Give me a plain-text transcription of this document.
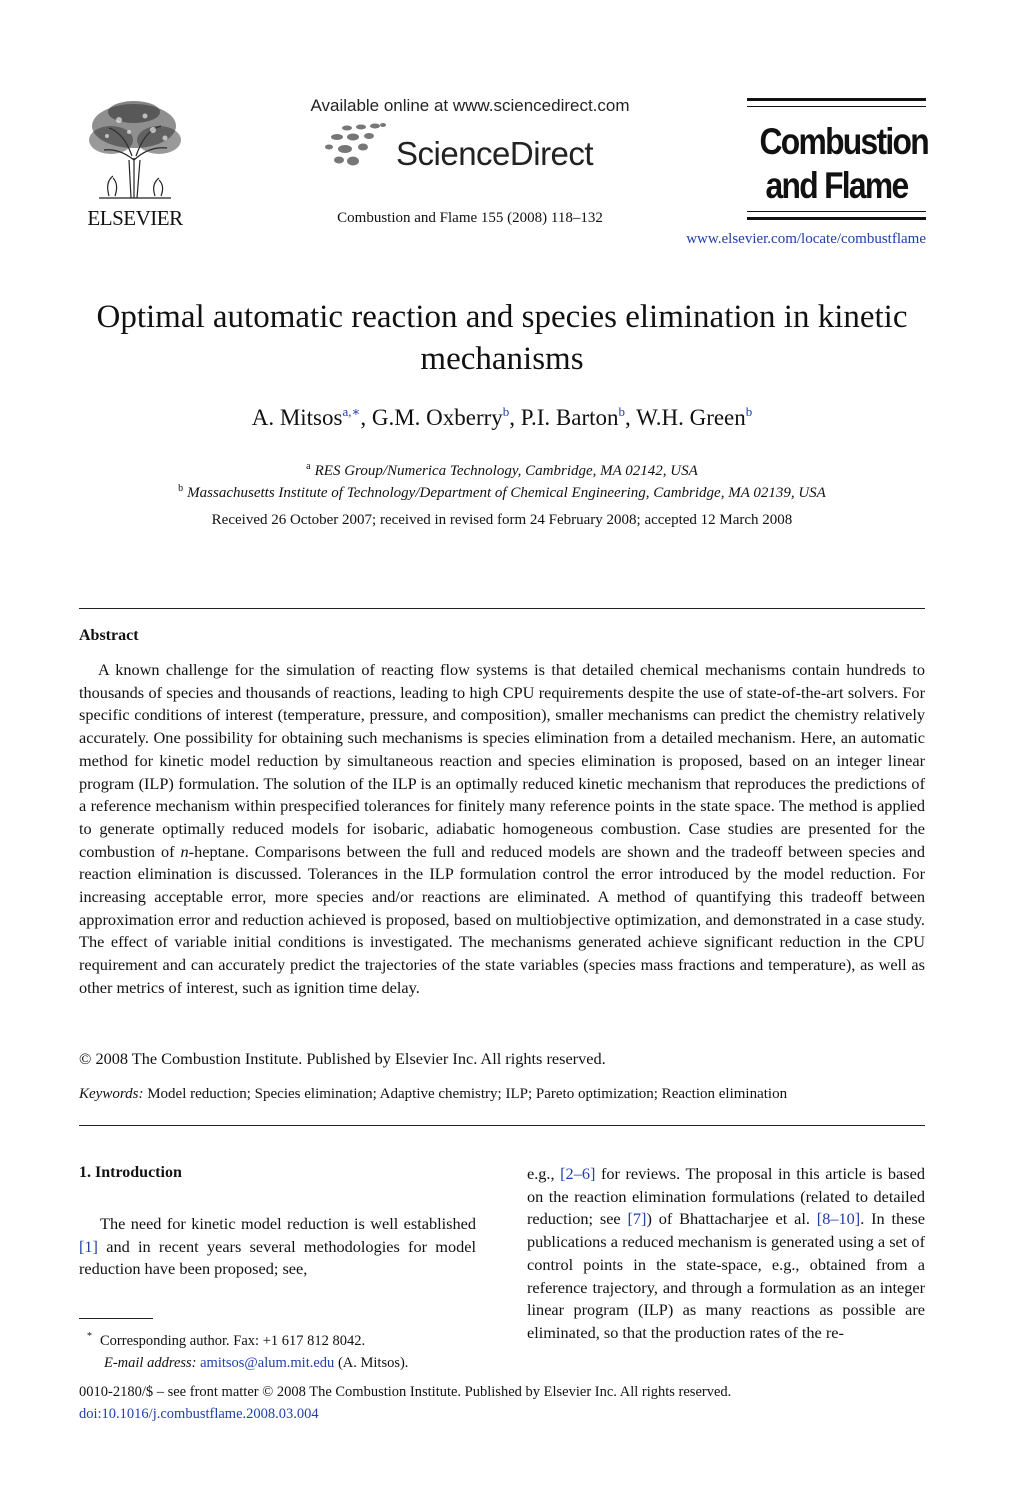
ELSEVIER
Available online at www.sciencedirect.com
ScienceDirect
Combustion and Flame 155 (2008) 118–132
Combustion
and Flame
www.elsevier.com/locate/combustflame
Optimal automatic reaction and species elimination in kinetic mechanisms
A. Mitsos$^{a,∗}$, G.M. Oxberry$^b$, P.I. Barton$^b$, W.H. Green$^b$
$^a$ RES Group/Numerica Technology, Cambridge, MA 02142, USA
$^b$ Massachusetts Institute of Technology/Department of Chemical Engineering, Cambridge, MA 02139, USA
Received 26 October 2007; received in revised form 24 February 2008; accepted 12 March 2008
Abstract
A known challenge for the simulation of reacting flow systems is that detailed chemical mechanisms contain hundreds to thousands of species and thousands of reactions, leading to high CPU requirements despite the use of state-of-the-art solvers. For specific conditions of interest (temperature, pressure, and composition), smaller mechanisms can predict the chemistry relatively accurately. One possibility for obtaining such mechanisms is species elimination from a detailed mechanism. Here, an automatic method for kinetic model reduction by simultaneous reaction and species elimination is proposed, based on an integer linear program (ILP) formulation. The solution of the ILP is an optimally reduced kinetic mechanism that reproduces the predictions of a reference mechanism within prespecified tolerances for finitely many reference points in the state space. The method is applied to generate optimally reduced models for isobaric, adiabatic homogeneous combustion. Case studies are presented for the combustion of n-heptane. Comparisons between the full and reduced models are shown and the tradeoff between species and reaction elimination is discussed. Tolerances in the ILP formulation control the error introduced by the model reduction. For increasing acceptable error, more species and/or reactions are eliminated. A method of quantifying this tradeoff between approximation error and reduction achieved is proposed, based on multiobjective optimization, and demonstrated in a case study. The effect of variable initial conditions is investigated. The mechanisms generated achieve significant reduction in the CPU requirement and can accurately predict the trajectories of the state variables (species mass fractions and temperature), as well as other metrics of interest, such as ignition time delay.
© 2008 The Combustion Institute. Published by Elsevier Inc. All rights reserved.
Keywords: Model reduction; Species elimination; Adaptive chemistry; ILP; Pareto optimization; Reaction elimination
1. Introduction
The need for kinetic model reduction is well established [1] and in recent years several methodologies for model reduction have been proposed; see,
e.g., [2–6] for reviews. The proposal in this article is based on the reaction elimination formulations (related to detailed reduction; see [7]) of Bhattacharjee et al. [8–10]. In these publications a reduced mechanism is generated using a set of control points in the state-space, e.g., obtained from a reference trajectory, and through a formulation as an integer linear program (ILP) as many reactions as possible are eliminated, so that the production rates of the re-
* Corresponding author. Fax: +1 617 812 8042.
E-mail address: amitsos@alum.mit.edu (A. Mitsos).
0010-2180/$ – see front matter © 2008 The Combustion Institute. Published by Elsevier Inc. All rights reserved.
doi:10.1016/j.combustflame.2008.03.004
